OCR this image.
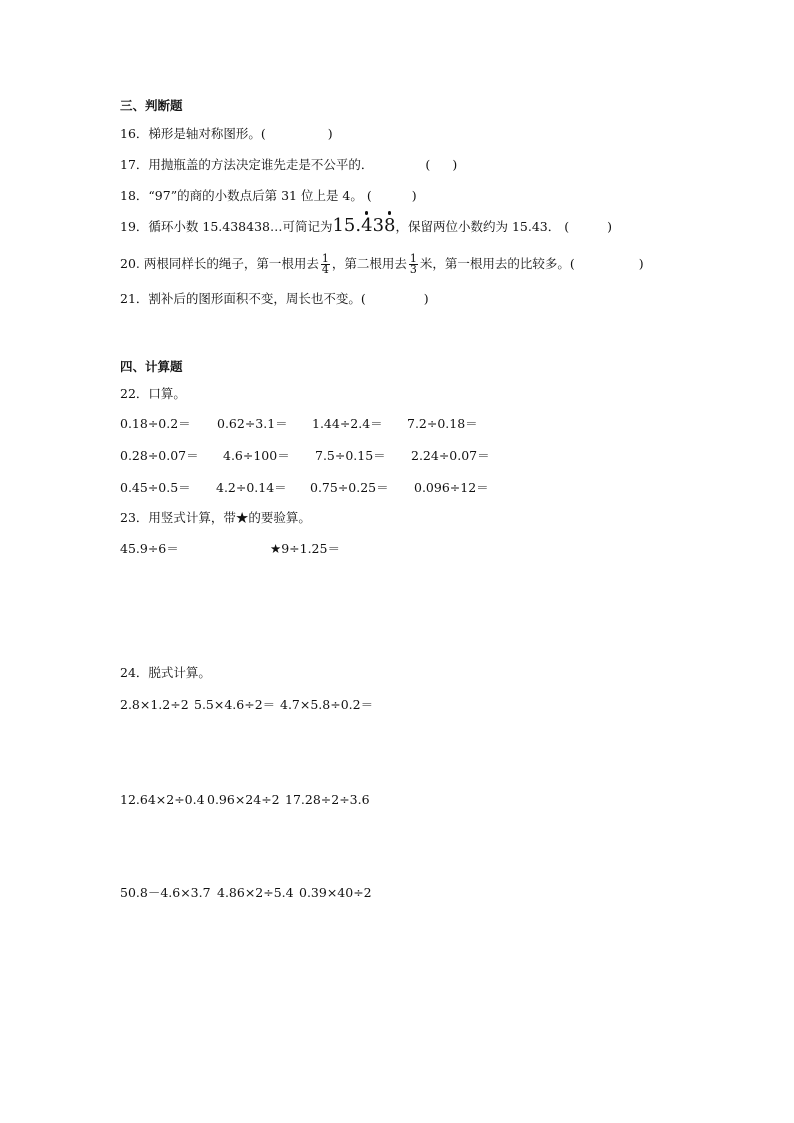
三、判断题
16．梯形是轴对称图形。(	)
17．用抛瓶盖的方法决定谁先走是不公平的．	( )
18．“97”的商的小数点后第 31 位上是 4。 (	)
19．循环小数 15.438438…可简记为15.
43
8，保留两位小数约为 15.43． (	)
20. 两根同样长的绳子，第一根用去 $\frac{1}{4}$ ，第二根用去 $\frac{1}{3}$ 米，第一根用去的比较多。(	)
21．割补后的图形面积不变，周长也不变。(	)
四、计算题
22．口算。
0.18÷0.2＝ 0.62÷3.1＝ 1.44÷2.4＝ 7.2÷0.18＝
0.28÷0.07＝ 4.6÷100＝ 7.5÷0.15＝ 2.24÷0.07＝
0.45÷0.5＝ 4.2÷0.14＝ 0.75÷0.25＝ 0.096÷12＝
23．用竖式计算，带★的要验算。
45.9÷6＝	★9÷1.25＝
24．脱式计算。
2.8×1.2÷2 5.5×4.6÷2＝ 4.7×5.8÷0.2＝
12.64×2÷0.4 0.96×24÷2 17.28÷2÷3.6
50.8－4.6×3.7 4.86×2÷5.4 0.39×40÷2
